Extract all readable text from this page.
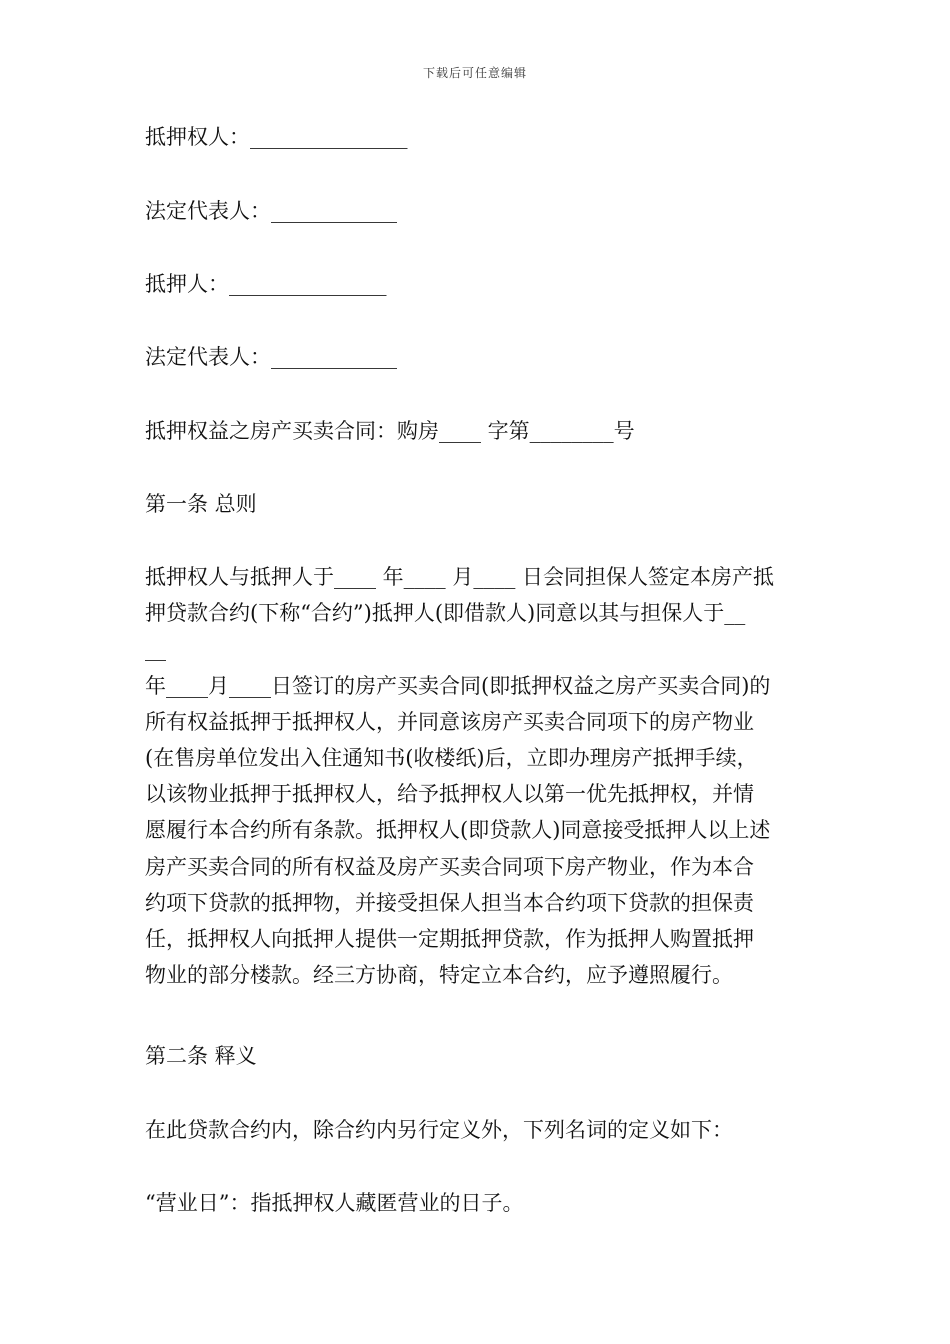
下载后可任意编辑
抵押权人：_______________
法定代表人：____________
抵押人：_______________
法定代表人：____________
抵押权益之房产买卖合同：购房____ 字第________号
第一条 总则
抵押权人与抵押人于____ 年____ 月____ 日会同担保人签定本房产抵
押贷款合约(下称“合约”)抵押人(即借款人)同意以其与担保人于__
__
年____月____日签订的房产买卖合同(即抵押权益之房产买卖合同)的
所有权益抵押于抵押权人，并同意该房产买卖合同项下的房产物业
(在售房单位发出入住通知书(收楼纸)后，立即办理房产抵押手续，
以该物业抵押于抵押权人，给予抵押权人以第一优先抵押权，并情
愿履行本合约所有条款。抵押权人(即贷款人)同意接受抵押人以上述
房产买卖合同的所有权益及房产买卖合同项下房产物业，作为本合
约项下贷款的抵押物，并接受担保人担当本合约项下贷款的担保责
任，抵押权人向抵押人提供一定期抵押贷款，作为抵押人购置抵押
物业的部分楼款。经三方协商，特定立本合约，应予遵照履行。
第二条 释义
在此贷款合约内，除合约内另行定义外，下列名词的定义如下：
“营业日”：指抵押权人藏匿营业的日子。
